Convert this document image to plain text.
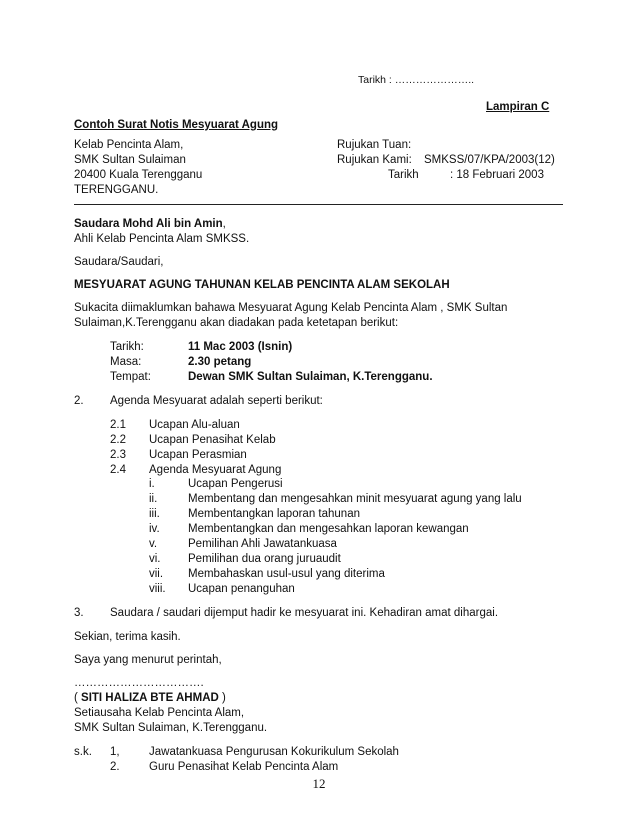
Tarikh : …………………..
Lampiran C
Contoh Surat Notis Mesyuarat Agung
Kelab Pencinta Alam,
SMK Sultan Sulaiman
20400 Kuala Terengganu
TERENGGANU.
Rujukan Tuan:
Rujukan Kami: SMKSS/07/KPA/2003(12)
Tarikh	: 18 Februari 2003
Saudara Mohd Ali bin Amin,
Ahli Kelab Pencinta Alam SMKSS.
Saudara/Saudari,
MESYUARAT AGUNG TAHUNAN KELAB PENCINTA ALAM SEKOLAH
Sukacita diimaklumkan bahawa Mesyuarat Agung Kelab Pencinta Alam , SMK Sultan
Sulaiman,K.Terengganu akan diadakan pada ketetapan berikut:
Tarikh:	11 Mac 2003 (Isnin)
Masa:	2.30 petang
Tempat:	Dewan SMK Sultan Sulaiman, K.Terengganu.
2. Agenda Mesyuarat adalah seperti berikut:
2.1 Ucapan Alu-aluan
2.2 Ucapan Penasihat Kelab
2.3 Ucapan Perasmian
2.4 Agenda Mesyuarat Agung
i.	Ucapan Pengerusi
ii.	Membentang dan mengesahkan minit mesyuarat agung yang lalu
iii. Membentangkan laporan tahunan
iv. Membentangkan dan mengesahkan laporan kewangan
v.	Pemilihan Ahli Jawatankuasa
vi. Pemilihan dua orang juruaudit
vii. Membahaskan usul-usul yang diterima
viii. Ucapan penanguhan
3. Saudara / saudari dijemput hadir ke mesyuarat ini. Kehadiran amat dihargai.
Sekian, terima kasih.
Saya yang menurut perintah,
…………………………….
( SITI HALIZA BTE AHMAD )
Setiausaha Kelab Pencinta Alam,
SMK Sultan Sulaiman, K.Terengganu.
s.k. 1,	Jawatankuasa Pengurusan Kokurikulum Sekolah
2.	Guru Penasihat Kelab Pencinta Alam
12
